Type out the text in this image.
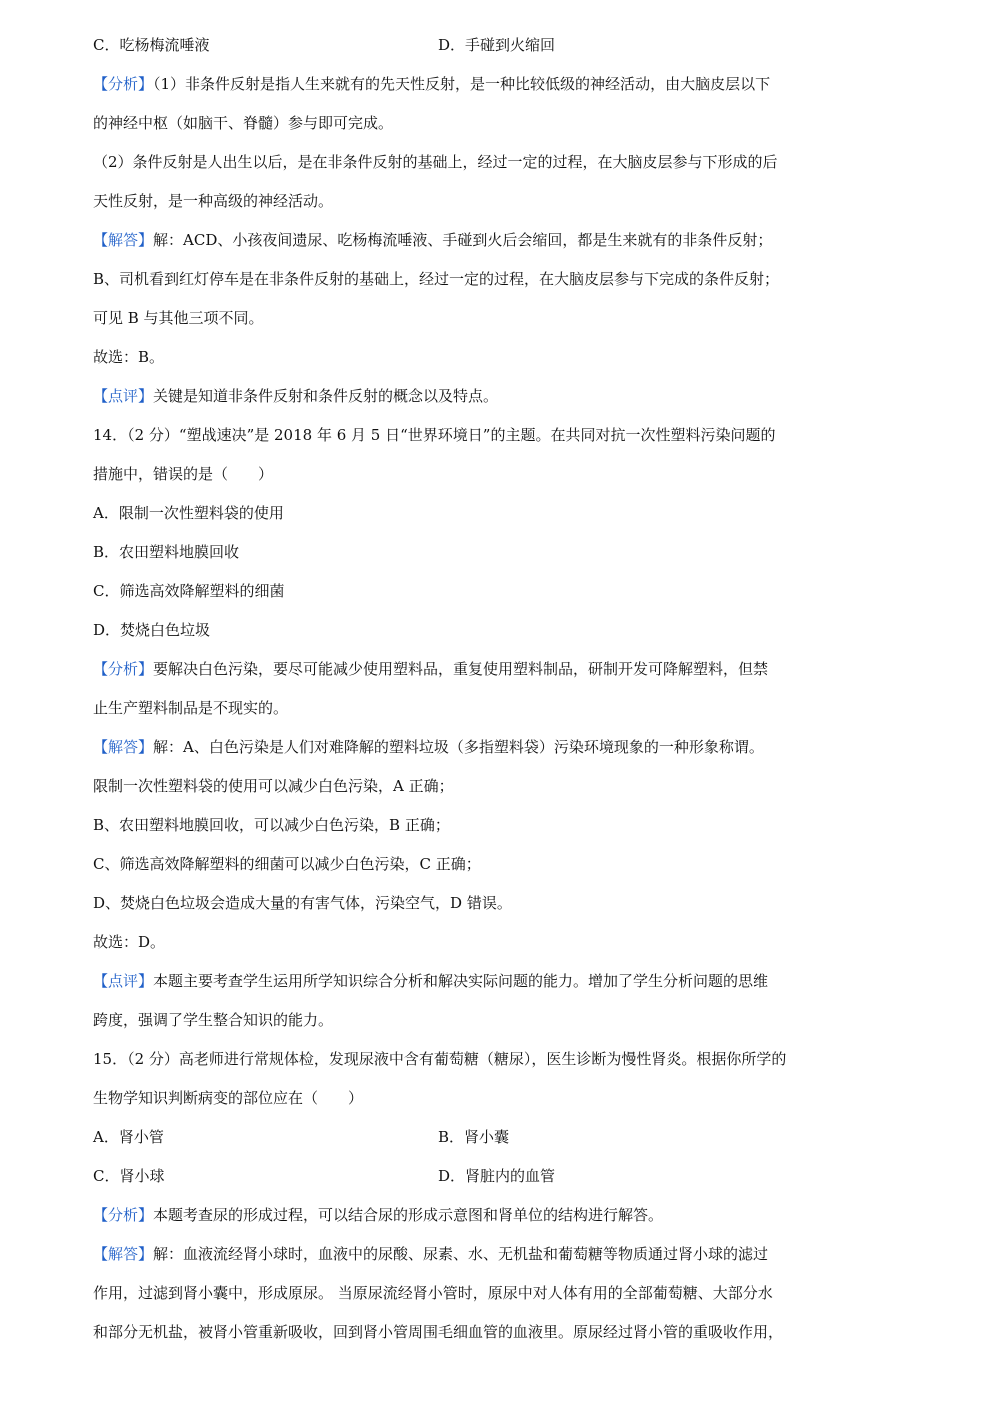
C．吃杨梅流唾液	D．手碰到火缩回
【分析】（1）非条件反射是指人生来就有的先天性反射，是一种比较低级的神经活动，由大脑皮层以下
的神经中枢（如脑干、脊髓）参与即可完成。
（2）条件反射是人出生以后，是在非条件反射的基础上，经过一定的过程，在大脑皮层参与下形成的后
天性反射，是一种高级的神经活动。
【解答】解：ACD、小孩夜间遗尿、吃杨梅流唾液、手碰到火后会缩回，都是生来就有的非条件反射；
B、司机看到红灯停车是在非条件反射的基础上，经过一定的过程，在大脑皮层参与下完成的条件反射；
可见 B 与其他三项不同。
故选：B。
【点评】关键是知道非条件反射和条件反射的概念以及特点。
14．（2 分）“塑战速决”是 2018 年 6 月 5 日“世界环境日”的主题。在共同对抗一次性塑料污染问题的
措施中，错误的是（　　）
A．限制一次性塑料袋的使用
B．农田塑料地膜回收
C．筛选高效降解塑料的细菌
D．焚烧白色垃圾
【分析】要解决白色污染，要尽可能减少使用塑料品，重复使用塑料制品，研制开发可降解塑料，但禁
止生产塑料制品是不现实的。
【解答】解：A、白色污染是人们对难降解的塑料垃圾（多指塑料袋）污染环境现象的一种形象称谓。
限制一次性塑料袋的使用可以减少白色污染，A 正确；
B、农田塑料地膜回收，可以减少白色污染，B 正确；
C、筛选高效降解塑料的细菌可以减少白色污染，C 正确；
D、焚烧白色垃圾会造成大量的有害气体，污染空气，D 错误。
故选：D。
【点评】本题主要考查学生运用所学知识综合分析和解决实际问题的能力。增加了学生分析问题的思维
跨度，强调了学生整合知识的能力。
15．（2 分）高老师进行常规体检，发现尿液中含有葡萄糖（糖尿），医生诊断为慢性肾炎。根据你所学的
生物学知识判断病变的部位应在（　　）
A．肾小管	B．肾小囊
C．肾小球	D．肾脏内的血管
【分析】本题考查尿的形成过程，可以结合尿的形成示意图和肾单位的结构进行解答。
【解答】解：血液流经肾小球时，血液中的尿酸、尿素、水、无机盐和葡萄糖等物质通过肾小球的滤过
作用，过滤到肾小囊中，形成原尿。 当原尿流经肾小管时，原尿中对人体有用的全部葡萄糖、大部分水
和部分无机盐，被肾小管重新吸收，回到肾小管周围毛细血管的血液里。原尿经过肾小管的重吸收作用，
